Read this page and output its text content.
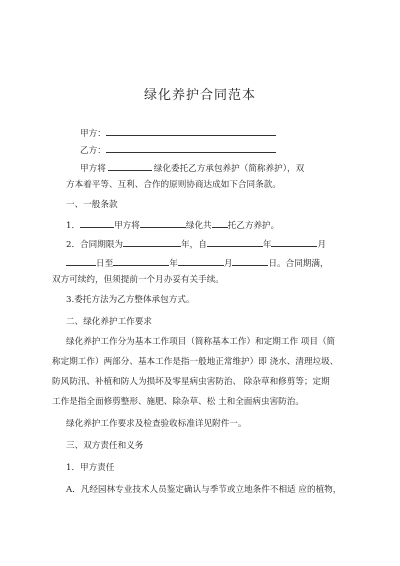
绿化养护合同范本
甲方：
乙方：
甲方将	绿化委托乙方承包养护（简称养护），双
方本着平等、互利、合作的原则协商达成如下合同条款。
一、一般条款
1．	甲方将	绿化共 托乙方养护。
2．合同期限为	年，自	年	月
日至	年	月	日。合同期满，
双方可续约，但须提前一个月办妥有关手续。
3.委托方法为乙方整体承包方式。
二、绿化养护工作要求
绿化养护工作分为基本工作项目（简称基本工作）和定期工作 项目（简
称定期工作）两部分、基本工作是指一般地正常维护）即 浇水、清理垃圾、
防风防汛、补植和防人为损坏及零星病虫害防治、 除杂草和修剪等；定期
工作是指全面修剪整形、施肥、除杂草、松 土和全面病虫害防治。
绿化养护工作要求及检查验收标准详见附件一。
三、双方责任和义务
1．甲方责任
A．凡经园林专业技术人员鉴定确认与季节或立地条件不相适 应的植物，
